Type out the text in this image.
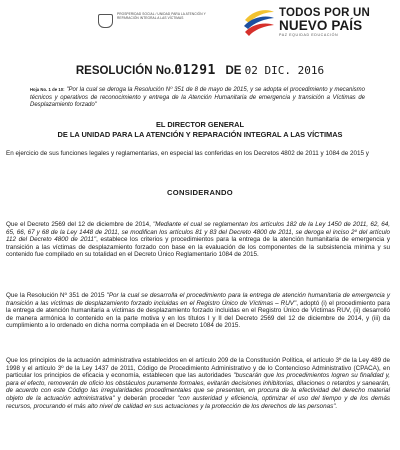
PROSPERIDAD SOCIAL / UNIDAD PARA LA ATENCIÓN Y REPARACIÓN INTEGRAL A LAS VÍCTIMAS	TODOS POR UN
NUEVO PAÍS
PAZ EQUIDAD EDUCACIÓN
RESOLUCIÓN No.01291 DE 02 DIC. 2016
Hoja No. 1 de 10: "Por la cual se deroga la Resolución Nº 351 de 8 de mayo de 2015, y se adopta el procedimiento y mecanismo técnicos y operativos de reconocimiento y entrega de la Atención Humanitaria de emergencia y transición a Víctimas de Desplazamiento forzado"
EL DIRECTOR GENERAL
DE LA UNIDAD PARA LA ATENCIÓN Y REPARACIÓN INTEGRAL A LAS VÍCTIMAS

En ejercicio de sus funciones legales y reglamentarias, en especial las conferidas en los Decretos 4802 de 2011 y 1084 de 2015 y

CONSIDERANDO

Que el Decreto 2569 del 12 de diciembre de 2014, "Mediante el cual se reglamentan los artículos 182 de la Ley 1450 de 2011, 62, 64, 65, 66, 67 y 68 de la Ley 1448 de 2011, se modifican los artículos 81 y 83 del Decreto 4800 de 2011, se deroga el inciso 2º del artículo 112 del Decreto 4800 de 2011", establece los criterios y procedimientos para la entrega de la atención humanitaria de emergencia y transición a las víctimas de desplazamiento forzado con base en la evaluación de los componentes de la subsistencia mínima y su contenido fue compilado en su totalidad en el Decreto Único Reglamentario 1084 de 2015.

Que la Resolución Nº 351 de 2015 "Por la cual se desarrolla el procedimiento para la entrega de atención humanitaria de emergencia y transición a las víctimas de desplazamiento forzado incluidas en el Registro Único de Víctimas – RUV", adoptó (i) el procedimiento para la entrega de atención humanitaria a víctimas de desplazamiento forzado incluidas en el Registro Único de Víctimas RUV, (ii) desarrolló de manera armónica lo contenido en la parte motiva y en los títulos I y II del Decreto 2569 del 12 de diciembre de 2014, y (iii) da cumplimiento a lo ordenado en dicha norma compilada en el Decreto 1084 de 2015.

Que los principios de la actuación administrativa establecidos en el artículo 209 de la Constitución Política, el artículo 3º de la Ley 489 de 1998 y el artículo 3º de la Ley 1437 de 2011, Código de Procedimiento Administrativo y de lo Contencioso Administrativo (CPACA), en particular los principios de eficacia y economía, establecen que las autoridades "buscarán que los procedimientos logren su finalidad y, para el efecto, removerán de oficio los obstáculos puramente formales, evitarán decisiones inhibitorias, dilaciones o retardos y sanearán, de acuerdo con este Código las irregularidades procedimentales que se presenten, en procura de la efectividad del derecho material objeto de la actuación administrativa" y deberán proceder "con austeridad y eficiencia, optimizar el uso del tiempo y de los demás recursos, procurando el más alto nivel de calidad en sus actuaciones y la protección de los derechos de las personas".
